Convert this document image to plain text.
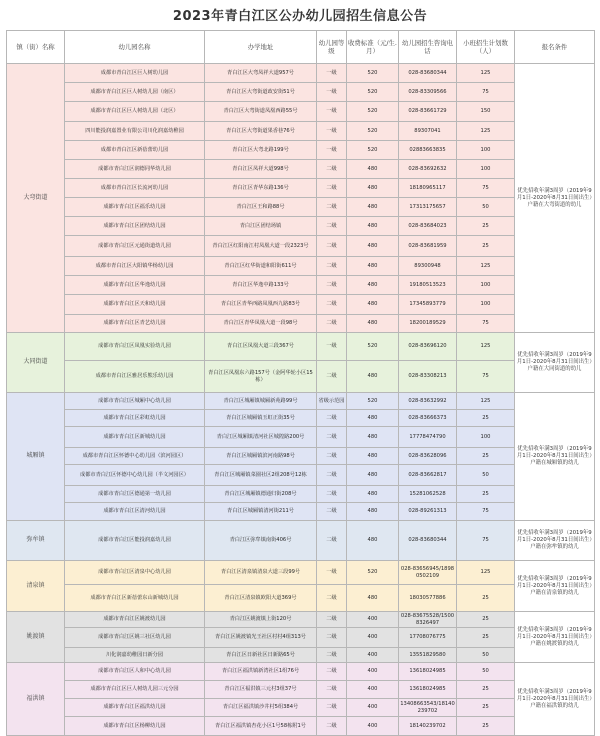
2023年青白江区公办幼儿园招生信息公告
镇（街）名称	幼儿园名称	办学地址	幼儿园等级	收费标准（元/生.月）	幼儿园招生咨询电话	小班招生计划数（人）	报名条件
大弯街道	成都市青白江区巨人树幼儿园	青白江区大弯凤祥大道957号	一级	520	028-83680344	125	优先招收年满3周岁（2019年9月1日-2020年8月31日间出生）户籍在大弯街道的幼儿
	成都市青白江区巨人树幼儿园（南区）	青白江区大弯街道政安街51号	一级	520	028-83309566	75	
	成都市青白江区巨人树幼儿园（北区）	青白江区大弯街道凤凰西路55号	一级	520	028-83661729	150	
	四川能投润嘉置业有限公司川化润嘉幼稚园	青白江区大弯街道果香巷76号	一级	520	89307041	125	
	成都市青白江区新蓓蕾幼儿园	青白江区大弯北路199号	一级	520	02883663835	100	
	成都市青白江区润德同华幼儿园	青白江区凤祥大道998号	二级	480	028-83692632	100	
	成都市青白江区长流河幼儿园	青白江区青华东路136号	二级	480	18180965117	75	
	成都市青白江区福乐幼儿园	青白江区王和路88号	二级	480	17313175657	50	
	成都市青白江区团结幼儿园	青白江区团结场镇	二级	480	028-83684023	25	
	成都市青白江区元通街道幼儿园	青白江区红阳南江村凤凰大道一段2323号	二级	480	028-83681959	25	
	成都市青白江区大阳镇华杨幼儿园	青白江区红华街道和阳街611号	二级	480	89300948	125	
	成都市青白江区华逸幼儿园	青白江区华逸中路133号	二级	480	19180513523	100	
	成都市青白江区天和幼儿园	青白江区青华西路凤凰西九路83号	二级	480	17345893779	100	
	成都市青白江区青艺幼儿园	青白江区青华凤凰大道一段98号	二级	480	18200189529	75	
大同街道	成都市青白江区凤凰实验幼儿园	青白江区凤凰大道三段367号	一级	520	028-83696120	125	优先招收年满3周岁（2019年9月1日-2020年8月31日间出生）户籍在大同街道的幼儿
	成都市青白江区雅居乐熊乐幼儿园	青白江区凤凰东六路157号（金阿华轮小区15栋）	二级	480	028-83308213	75	
城厢镇	成都市青白江区城厢中心幼儿园	青白江区城厢镇城厢新苑路99号	省级示范园	520	028-83632992	125	优先招收年满3周岁（2019年9月1日-2020年8月31日间出生）户籍在城厢镇的幼儿
	成都市青白江区彩虹幼儿园	青白江区城厢镇玉虹正街35号	二级	480	028-83666373	25	
	成都市青白江区新城幼儿园	青白江区城厢镇清河社区城隍路200号	二级	480	17778474790	100	
	成都市青白江区怀德中心幼儿园（滨河园区）	青白江区城厢镇滨河南路98号	二级	480	028-83628096	25	
	成都市青白江区怀德中心幼儿园（半文河园区）	青白江区城厢镇菜園社区2组208号12栋	二级	480	028-83662817	50	
	成都市青白江区德通第一幼儿园	青白江区城厢镇德通归街208号	二级	480	15281062528	25	
	成都市青白江区清河幼儿园	青白江区城厢镇清河街211号	二级	480	028-89261313	75	
弥牟镇	成都市青白江区能投润嘉幼儿园	青白江区弥牟镇南街406号	二级	480	028-83680344	75	优先招收年满3周岁（2019年9月1日-2020年8月31日间出生）户籍在弥牟镇的幼儿
清泉镇	成都市青白江区清泉中心幼儿园	青白江区清泉镇清泉大道三段99号	一级	520	028-83656945/18980502109	125	优先招收年满3周岁（2019年9月1日-2020年8月31日间出生）户籍在清泉镇的幼儿
	成都市青白江区新蓓蕾东山新城幼儿园	青白江区清泉镇欧阳大道369号	二级	480	18030577886	25	
姚渡镇	成都市青白江区姚渡幼儿园	青白江区姚渡镇上街120号	二级	400	028-83675528/15008326497	25	优先招收年满3周岁（2019年9月1日-2020年8月31日间出生）户籍在姚渡镇的幼儿
	成都市青白江区姚三社区幼儿园	青白江区姚渡镇光王社区村村4组313号	二级	400	17708076775	25	
	川化润嘉幼稚园日新分园	青白江区日新社区日新路65号	二级	400	13551829580	50	
福洪镇	成都市青白江区人和中心幼儿园	青白江区福洪镇新湾社区1组76号	二级	400	13618024985	50	优先招收年满3周岁（2019年9月1日-2020年8月31日间出生）户籍在福洪镇的幼儿
	成都市青白江区巨人树幼儿园三元分园	青白江区福洪镇三元村3组37号	二级	400	13618024985	25	
	成都市青白江区福洪幼儿园	青白江区福洪镇沙井村5组384号	二级	400	13408663543/18140239702	25	
	成都市青白江区杨柳幼儿园	青白江区福洪镇杏花小区1号58栋附1号	二级	400	18140239702	25	
